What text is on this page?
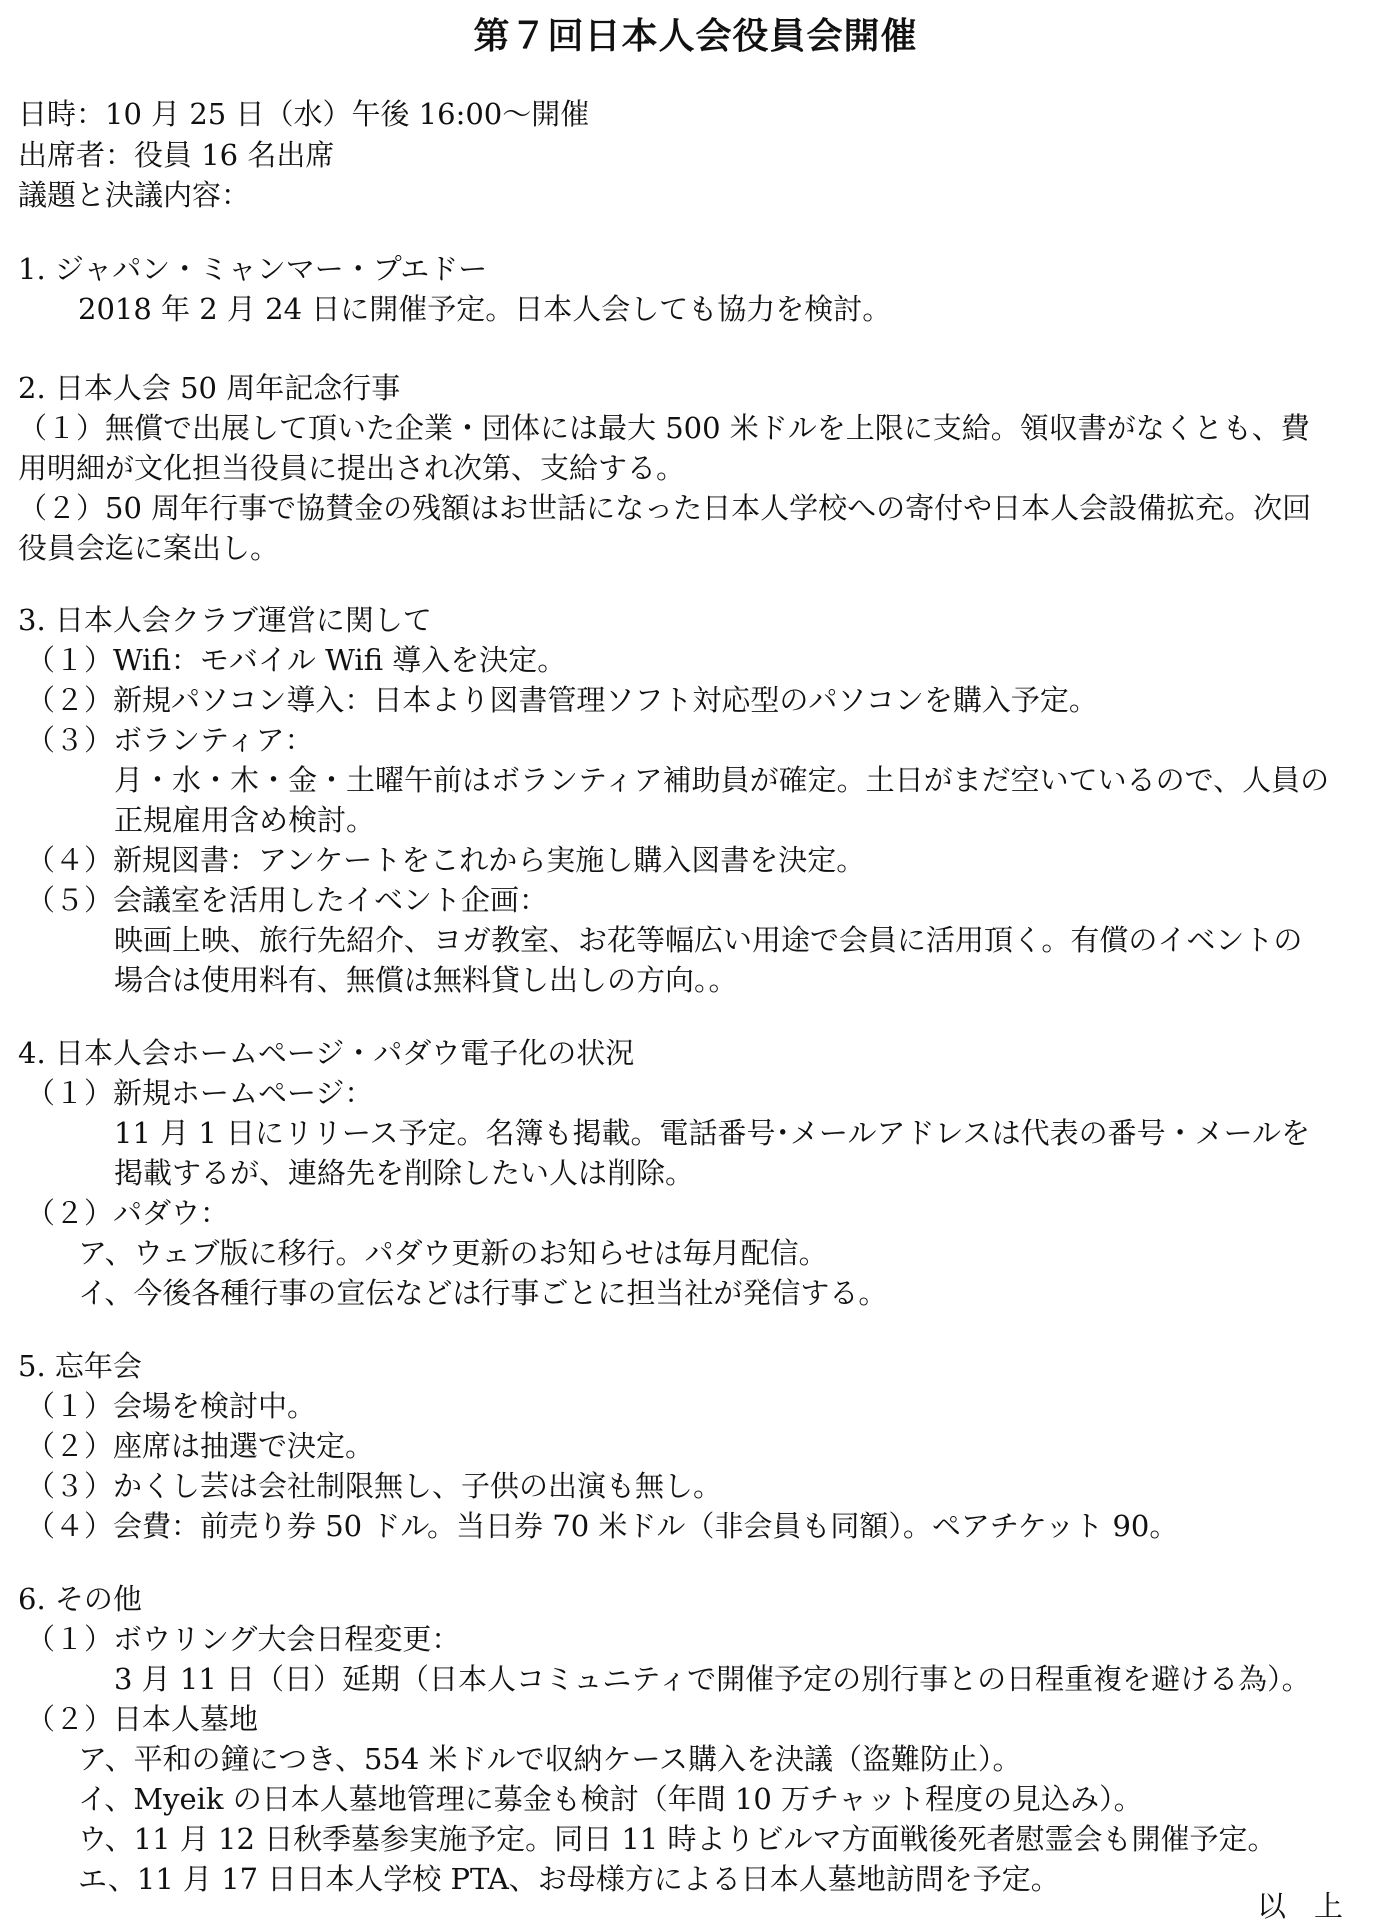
第７回日本人会役員会開催
日時：10 月 25 日（水）午後 16:00～開催
出席者：役員 16 名出席
議題と決議内容：
1. ジャパン・ミャンマー・プエドー
2018 年 2 月 24 日に開催予定。日本人会しても協力を検討。
2. 日本人会 50 周年記念行事
（１）無償で出展して頂いた企業・団体には最大 500 米ドルを上限に支給。領収書がなくとも、費
用明細が文化担当役員に提出され次第、支給する。
（２）50 周年行事で協賛金の残額はお世話になった日本人学校への寄付や日本人会設備拡充。次回
役員会迄に案出し。
3. 日本人会クラブ運営に関して
（１）Wifi：モバイル Wifi 導入を決定。
（２）新規パソコン導入：日本より図書管理ソフト対応型のパソコンを購入予定。
（３）ボランティア：
月・水・木・金・土曜午前はボランティア補助員が確定。土日がまだ空いているので、人員の
正規雇用含め検討。
（４）新規図書：アンケートをこれから実施し購入図書を決定。
（５）会議室を活用したイベント企画：
映画上映、旅行先紹介、ヨガ教室、お花等幅広い用途で会員に活用頂く。有償のイベントの
場合は使用料有、無償は無料貸し出しの方向。。
4. 日本人会ホームページ・パダウ電子化の状況
（１）新規ホームページ：
11 月 1 日にリリース予定。名簿も掲載。電話番号･メールアドレスは代表の番号・メールを
掲載するが、連絡先を削除したい人は削除。
（２）パダウ：
ア、ウェブ版に移行。パダウ更新のお知らせは毎月配信。
イ、今後各種行事の宣伝などは行事ごとに担当社が発信する。
5. 忘年会
（１）会場を検討中。
（２）座席は抽選で決定。
（３）かくし芸は会社制限無し、子供の出演も無し。
（４）会費：前売り券 50 ドル。当日券 70 米ドル（非会員も同額）。ペアチケット 90。
6. その他
（１）ボウリング大会日程変更：
3 月 11 日（日）延期（日本人コミュニティで開催予定の別行事との日程重複を避ける為）。
（２）日本人墓地
ア、平和の鐘につき、554 米ドルで収納ケース購入を決議（盗難防止）。
イ、Myeik の日本人墓地管理に募金も検討（年間 10 万チャット程度の見込み）。
ウ、11 月 12 日秋季墓参実施予定。同日 11 時よりビルマ方面戦後死者慰霊会も開催予定。
エ、11 月 17 日日本人学校 PTA、お母様方による日本人墓地訪問を予定。
以上
